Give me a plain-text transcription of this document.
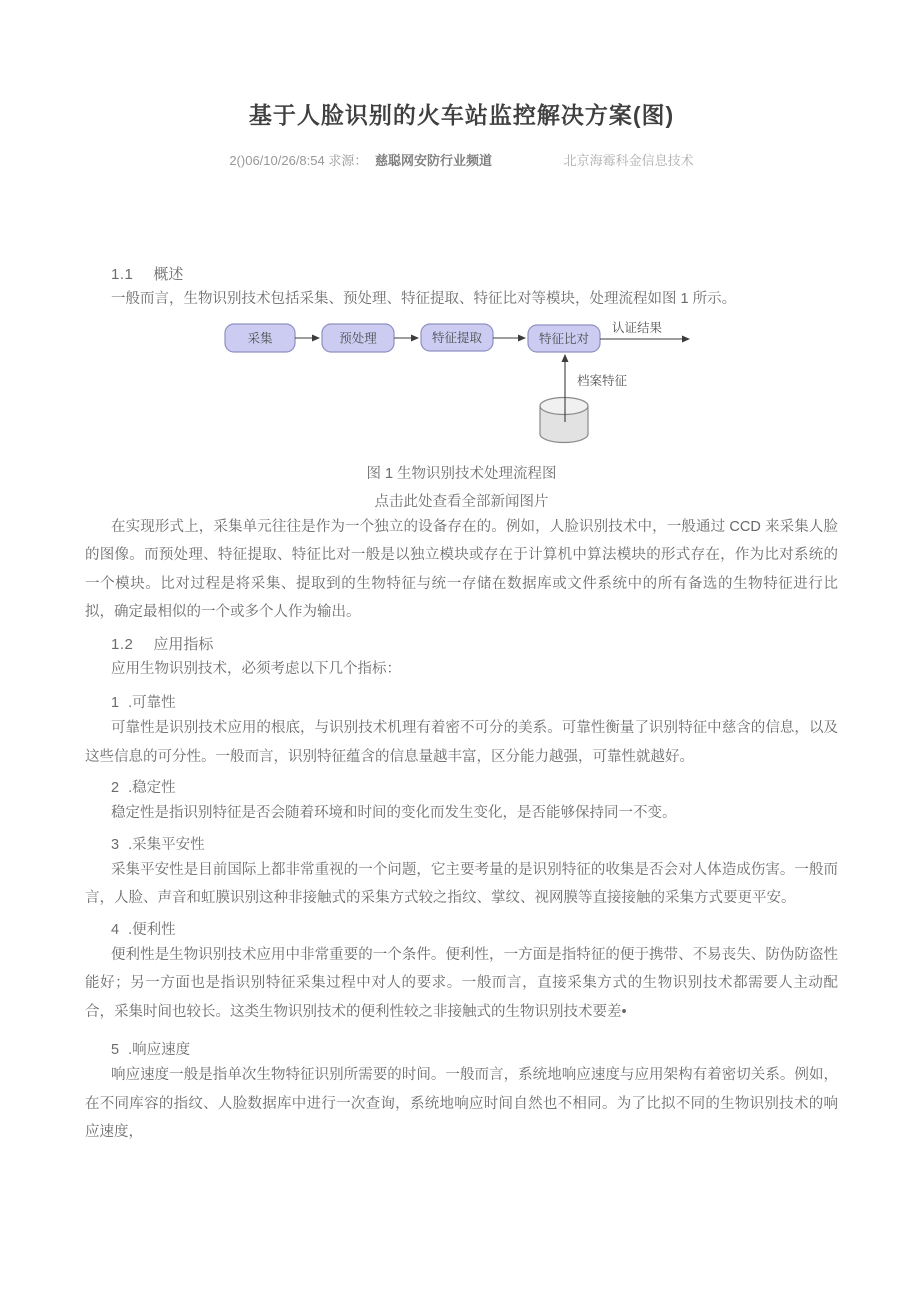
基于人脸识别的火车站监控解决方案(图)
2()06/10/26/8:54 求源： 慈聪网安防行业频道	北京海霉科金信息技术
1.1 概述

一般而言，生物识别技术包括采集、预处理、特征提取、特征比对等模块，处理流程如图 1 所示。

采集	预处理	特征提取	特征比对
认证结果
档案特征
图 1 生物识别技术处理流程图
点击此处查看全部新闻图片

在实现形式上，采集单元往往是作为一个独立的设备存在的。例如，人脸识别技术中，一般通过 CCD 来采集人脸的图像。而预处理、特征提取、特征比对一般是以独立模块或存在于计算机中算法模块的形式存在，作为比对系统的一个模块。比对过程是将采集、提取到的生物特征与统一存储在数据库或文件系统中的所有备选的生物特征进行比拟，确定最相似的一个或多个人作为输出。

1.2 应用指标

应用生物识别技术，必须考虑以下几个指标：

1 .可靠性

可靠性是识别技术应用的根底，与识别技术机理有着密不可分的美系。可靠性衡量了识别特征中慈含的信息，以及这些信息的可分性。一般而言，识别特征蕴含的信息量越丰富，区分能力越强，可靠性就越好。

2 .稳定性

稳定性是指识别特征是否会随着环境和时间的变化而发生变化，是否能够保持同一不变。

3 .采集平安性

采集平安性是目前国际上都非常重视的一个问题，它主要考量的是识别特征的收集是否会对人体造成伤害。一般而言，人脸、声音和虹膜识别这种非接触式的采集方式较之指纹、掌纹、视网膜等直接接触的采集方式要更平安。

4 .便利性

便利性是生物识别技术应用中非常重要的一个条件。便利性，一方面是指特征的便于携带、不易丧失、防伪防盗性能好；另一方面也是指识别特征采集过程中对人的要求。一般而言，直接采集方式的生物识别技术都需要人主动配合，采集时间也较长。这类生物识别技术的便利性较之非接触式的生物识别技术要差•

5 .响应速度

响应速度一般是指单次生物特征识别所需要的时间。一般而言，系统地响应速度与应用架构有着密切关系。例如，在不同库容的指纹、人脸数据库中进行一次查询，系统地响应时间自然也不相同。为了比拟不同的生物识别技术的响应速度，
